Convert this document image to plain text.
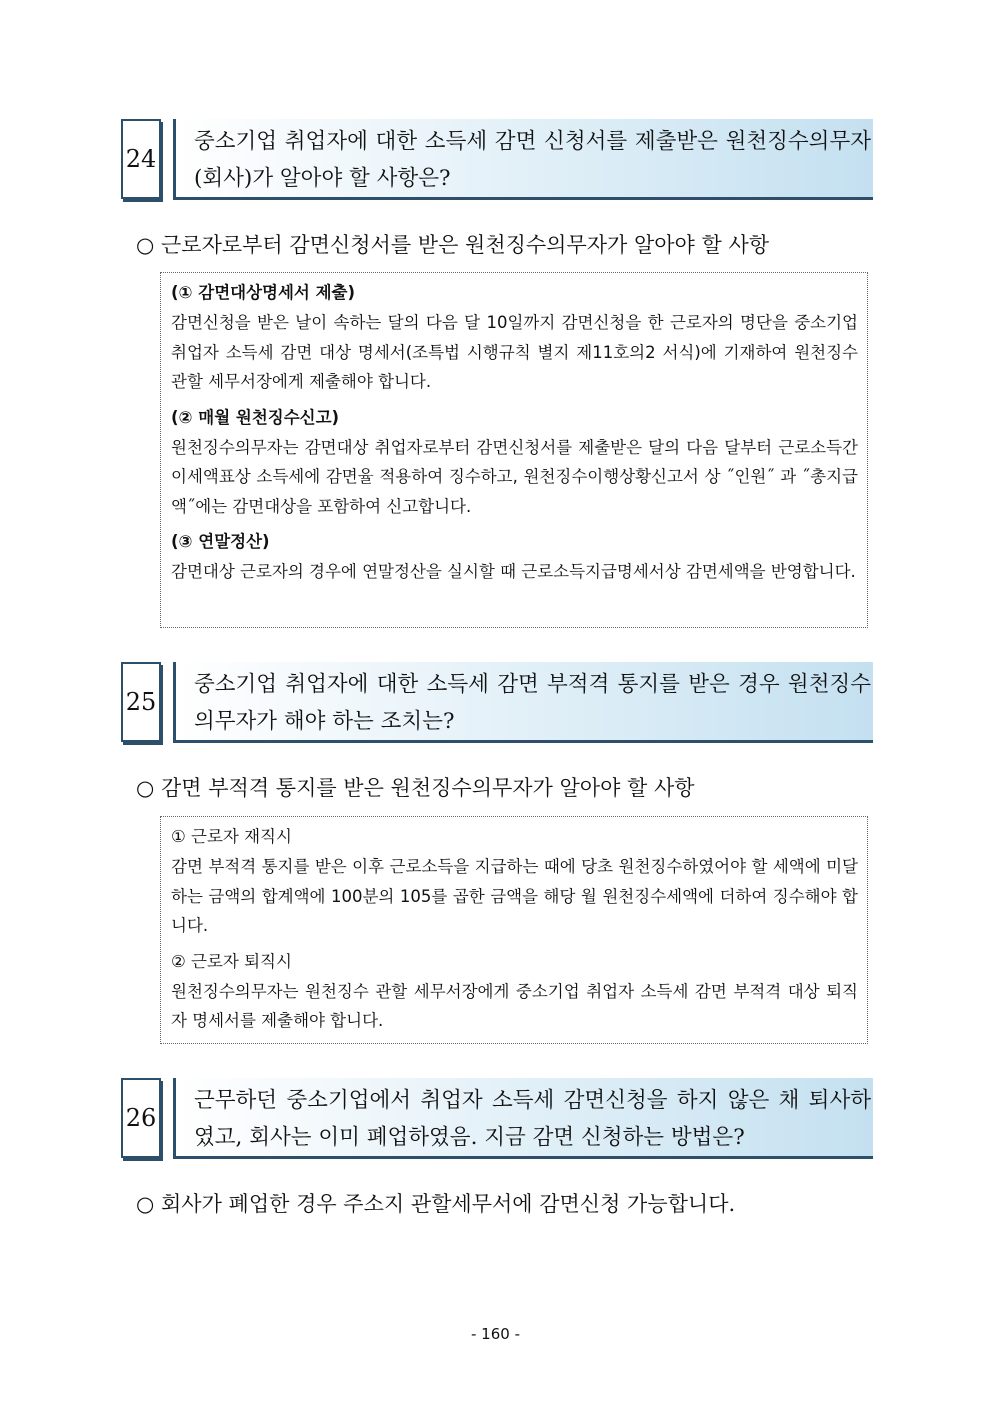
24
중소기업 취업자에 대한 소득세 감면 신청서를 제출받은 원천징수의무자(회사)가 알아야 할 사항은?
○ 근로자로부터 감면신청서를 받은 원천징수의무자가 알아야 할 사항
(① 감면대상명세서 제출)
감면신청을 받은 날이 속하는 달의 다음 달 10일까지 감면신청을 한 근로자의 명단을 중소기업 취업자 소득세 감면 대상 명세서(조특법 시행규칙 별지 제11호의2 서식)에 기재하여 원천징수 관할 세무서장에게 제출해야 합니다.
(② 매월 원천징수신고)
원천징수의무자는 감면대상 취업자로부터 감면신청서를 제출받은 달의 다음 달부터 근로소득간이세액표상 소득세에 감면율 적용하여 징수하고, 원천징수이행상황신고서 상 ˝인원˝ 과 ˝총지급액˝에는 감면대상을 포함하여 신고합니다.
(③ 연말정산)
감면대상 근로자의 경우에 연말정산을 실시할 때 근로소득지급명세서상 감면세액을 반영합니다.
25
중소기업 취업자에 대한 소득세 감면 부적격 통지를 받은 경우 원천징수의무자가 해야 하는 조치는?
○ 감면 부적격 통지를 받은 원천징수의무자가 알아야 할 사항
① 근로자 재직시
감면 부적격 통지를 받은 이후 근로소득을 지급하는 때에 당초 원천징수하였어야 할 세액에 미달하는 금액의 합계액에 100분의 105를 곱한 금액을 해당 월 원천징수세액에 더하여 징수해야 합니다.
② 근로자 퇴직시
원천징수의무자는 원천징수 관할 세무서장에게 중소기업 취업자 소득세 감면 부적격 대상 퇴직자 명세서를 제출해야 합니다.
26
근무하던 중소기업에서 취업자 소득세 감면신청을 하지 않은 채 퇴사하였고, 회사는 이미 폐업하였음. 지금 감면 신청하는 방법은?
○ 회사가 폐업한 경우 주소지 관할세무서에 감면신청 가능합니다.
- 160 -
